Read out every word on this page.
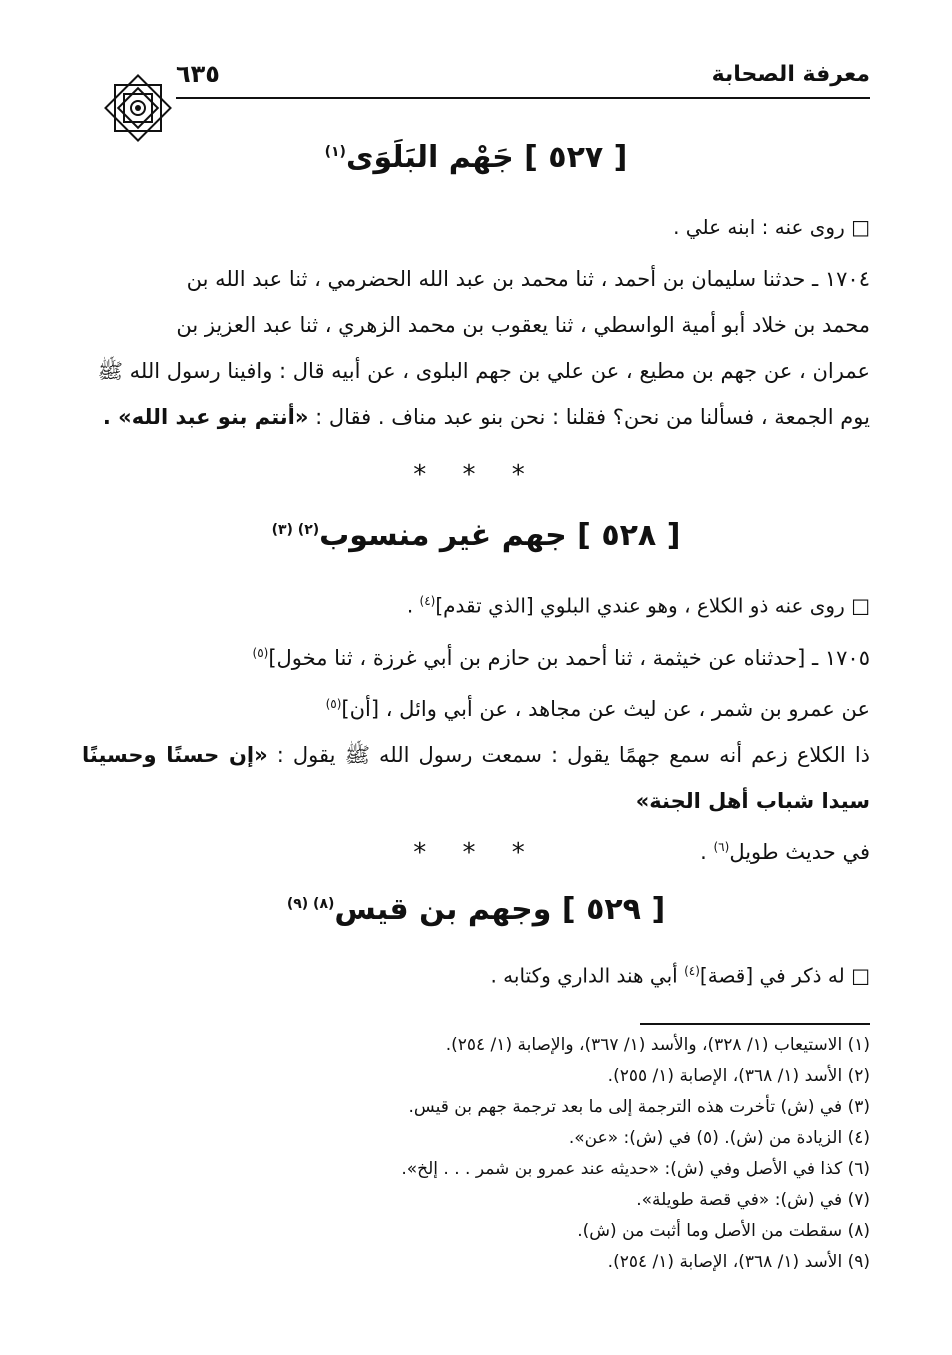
معرفة الصحابة
٦٣٥
[ ٥٢٧ ] جَهْم البَلَوَى$^{(١)}$

□ روى عنه : ابنه علي .

١٧٠٤ ـ حدثنا سليمان بن أحمد ، ثنا محمد بن عبد الله الحضرمي ، ثنا عبد الله بن

محمد بن خلاد أبو أمية الواسطي ، ثنا يعقوب بن محمد الزهري ، ثنا عبد العزيز بن

عمران ، عن جهم بن مطيع ، عن علي بن جهم البلوى ، عن أبيه قال : وافينا رسول الله ﷺ

يوم الجمعة ، فسألنا من نحن؟ فقلنا : نحن بنو عبد مناف . فقال : «أنتم بنو عبد الله» .

* * *
[ ٥٢٨ ] جهم غير منسوب$^{(٢) (٣)}$

□ روى عنه ذو الكلاع ، وهو عندي البلوي [الذي تقدم]$^{(٤)}$ .

١٧٠٥ ـ [حدثناه عن خيثمة ، ثنا أحمد بن حازم بن أبي غرزة ، ثنا مخول]$^{(٥)}$

عن عمرو بن شمر ، عن ليث عن مجاهد ، عن أبي وائل ، [أن]$^{(٥)}$

ذا الكلاع زعم أنه سمع جهمًا يقول : سمعت رسول الله ﷺ يقول : «إن حسنًا وحسينًا سيدا شباب أهل الجنة»

في حديث طويل$^{(٦)}$ .

* * *
[ ٥٢٩ ] وجهم بن قيس$^{(٨) (٩)}$

□ له ذكر في [قصة]$^{(٤)}$ أبي هند الداري وكتابه .

(١) الاستيعاب (١/ ٣٢٨)، والأسد (١/ ٣٦٧)، والإصابة (١/ ٢٥٤).
(٢) الأسد (١/ ٣٦٨)، الإصابة (١/ ٢٥٥).
(٣) في (ش) تأخرت هذه الترجمة إلى ما بعد ترجمة جهم بن قيس.
(٤) الزيادة من (ش). (٥) في (ش): «عن».
(٦) كذا في الأصل وفي (ش): «حديثه عند عمرو بن شمر . . . إلخ».
(٧) في (ش): «في قصة طويلة».
(٨) سقطت من الأصل وما أثبت من (ش).
(٩) الأسد (١/ ٣٦٨)، الإصابة (١/ ٢٥٤).
